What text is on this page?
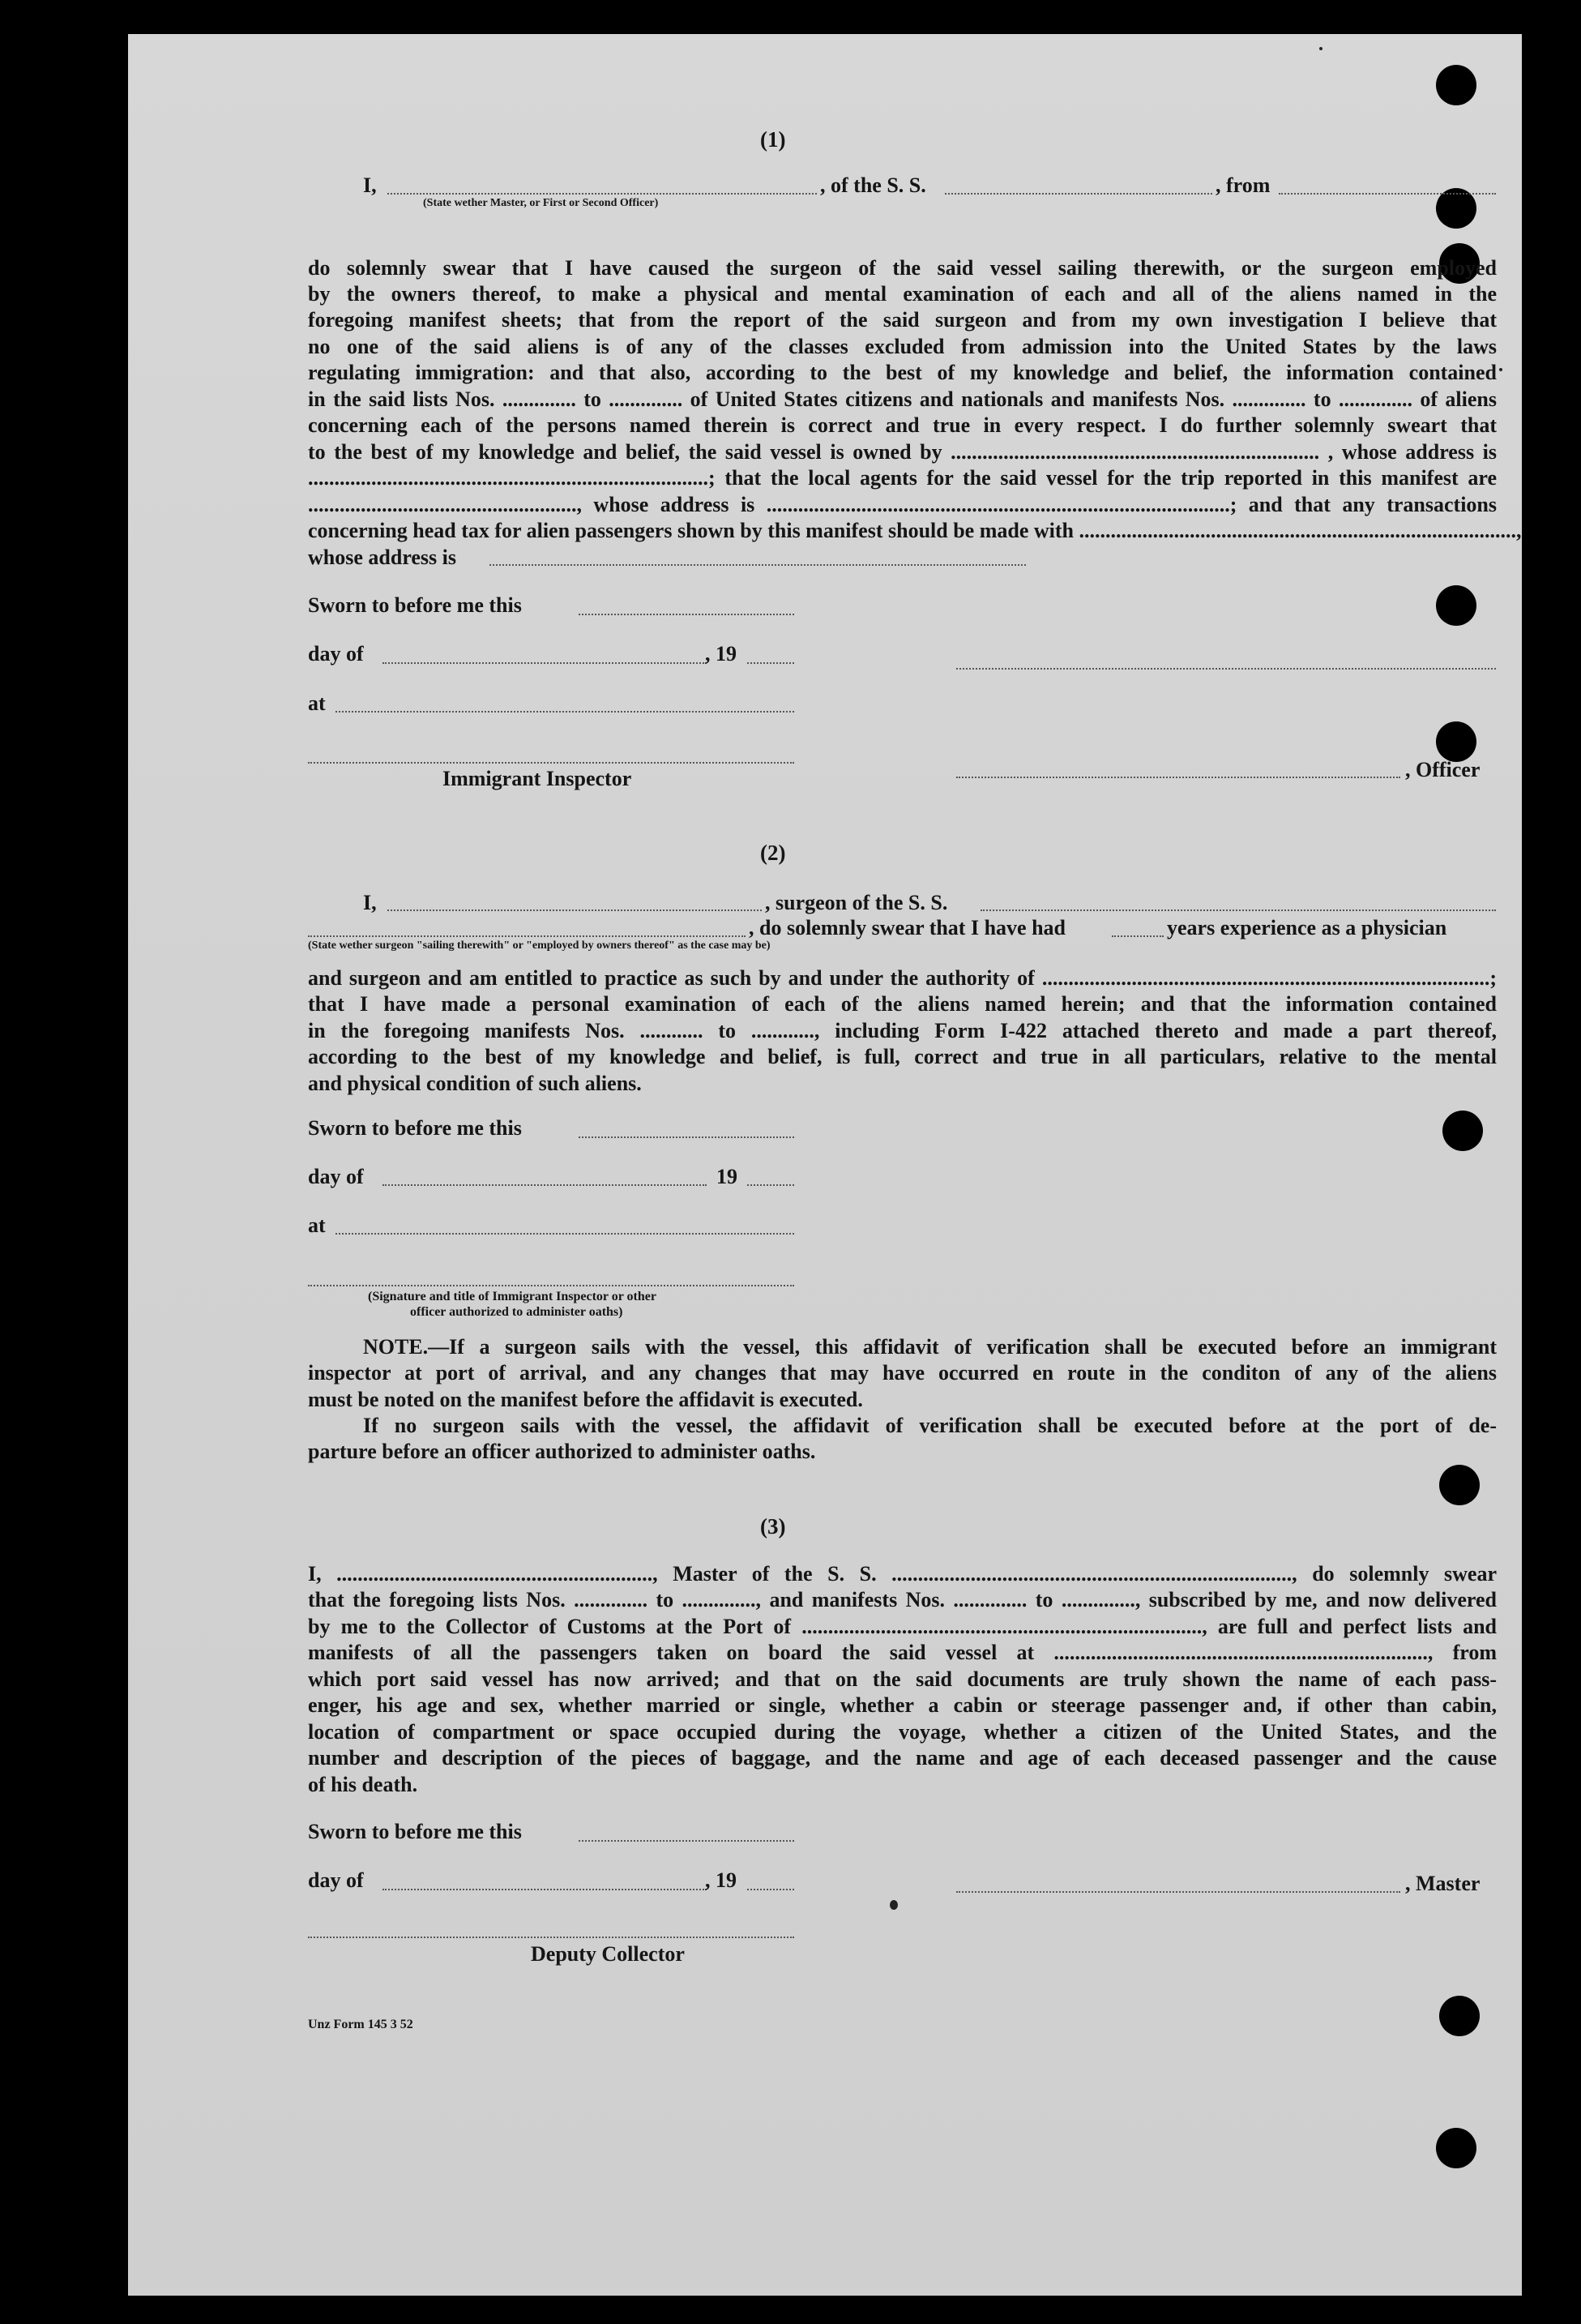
(1)
I,
(State wether Master, or First or Second Officer)
, of the S. S.	, from
do solemnly swear that I have caused the surgeon of the said vessel sailing therewith, or the surgeon employed
by the owners thereof, to make a physical and mental examination of each and all of the aliens named in the
foregoing manifest sheets; that from the report of the said surgeon and from my own investigation I believe that
no one of the said aliens is of any of the classes excluded from admission into the United States by the laws
regulating immigration: and that also, according to the best of my knowledge and belief, the information contained
in the said lists Nos. .............. to .............. of United States citizens and nationals and manifests Nos. .............. to .............. of aliens
concerning each of the persons named therein is correct and true in every respect. I do further solemnly sweart that
to the best of my knowledge and belief, the said vessel is owned by ...................................................................... , whose address is
............................................................................; that the local agents for the said vessel for the trip reported in this manifest are
..................................................., whose address is ........................................................................................; and that any transactions
concerning head tax for alien passengers shown by this manifest should be made with ...................................................................................,
whose address is
Sworn to before me this
day of	, 19
at
Immigrant Inspector	, Officer
(2)
I,	, surgeon of the S. S.
, do solemnly swear that I have had	years experience as a physician
(State wether surgeon "sailing therewith" or "employed by owners thereof" as the case may be)
and surgeon and am entitled to practice as such by and under the authority of .....................................................................................;
that I have made a personal examination of each of the aliens named herein; and that the information contained
in the foregoing manifests Nos. ............ to ............, including Form I-422 attached thereto and made a part thereof,
according to the best of my knowledge and belief, is full, correct and true in all particulars, relative to the mental
and physical condition of such aliens.
Sworn to before me this
day of	19
at
(Signature and title of Immigrant Inspector or other
officer authorized to administer oaths)
NOTE.—If a surgeon sails with the vessel, this affidavit of verification shall be executed before an immigrant
inspector at port of arrival, and any changes that may have occurred en route in the conditon of any of the aliens
must be noted on the manifest before the affidavit is executed.
If no surgeon sails with the vessel, the affidavit of verification shall be executed before at the port of de-
parture before an officer authorized to administer oaths.
(3)
I, ............................................................, Master of the S. S. ............................................................................, do solemnly swear
that the foregoing lists Nos. .............. to .............., and manifests Nos. .............. to .............., subscribed by me, and now delivered
by me to the Collector of Customs at the Port of ............................................................................, are full and perfect lists and
manifests of all the passengers taken on board the said vessel at ......................................................................., from
which port said vessel has now arrived; and that on the said documents are truly shown the name of each pass-
enger, his age and sex, whether married or single, whether a cabin or steerage passenger and, if other than cabin,
location of compartment or space occupied during the voyage, whether a citizen of the United States, and the
number and description of the pieces of baggage, and the name and age of each deceased passenger and the cause
of his death.
Sworn to before me this
day of	, 19	, Master
Deputy Collector
Unz Form 145 3 52
